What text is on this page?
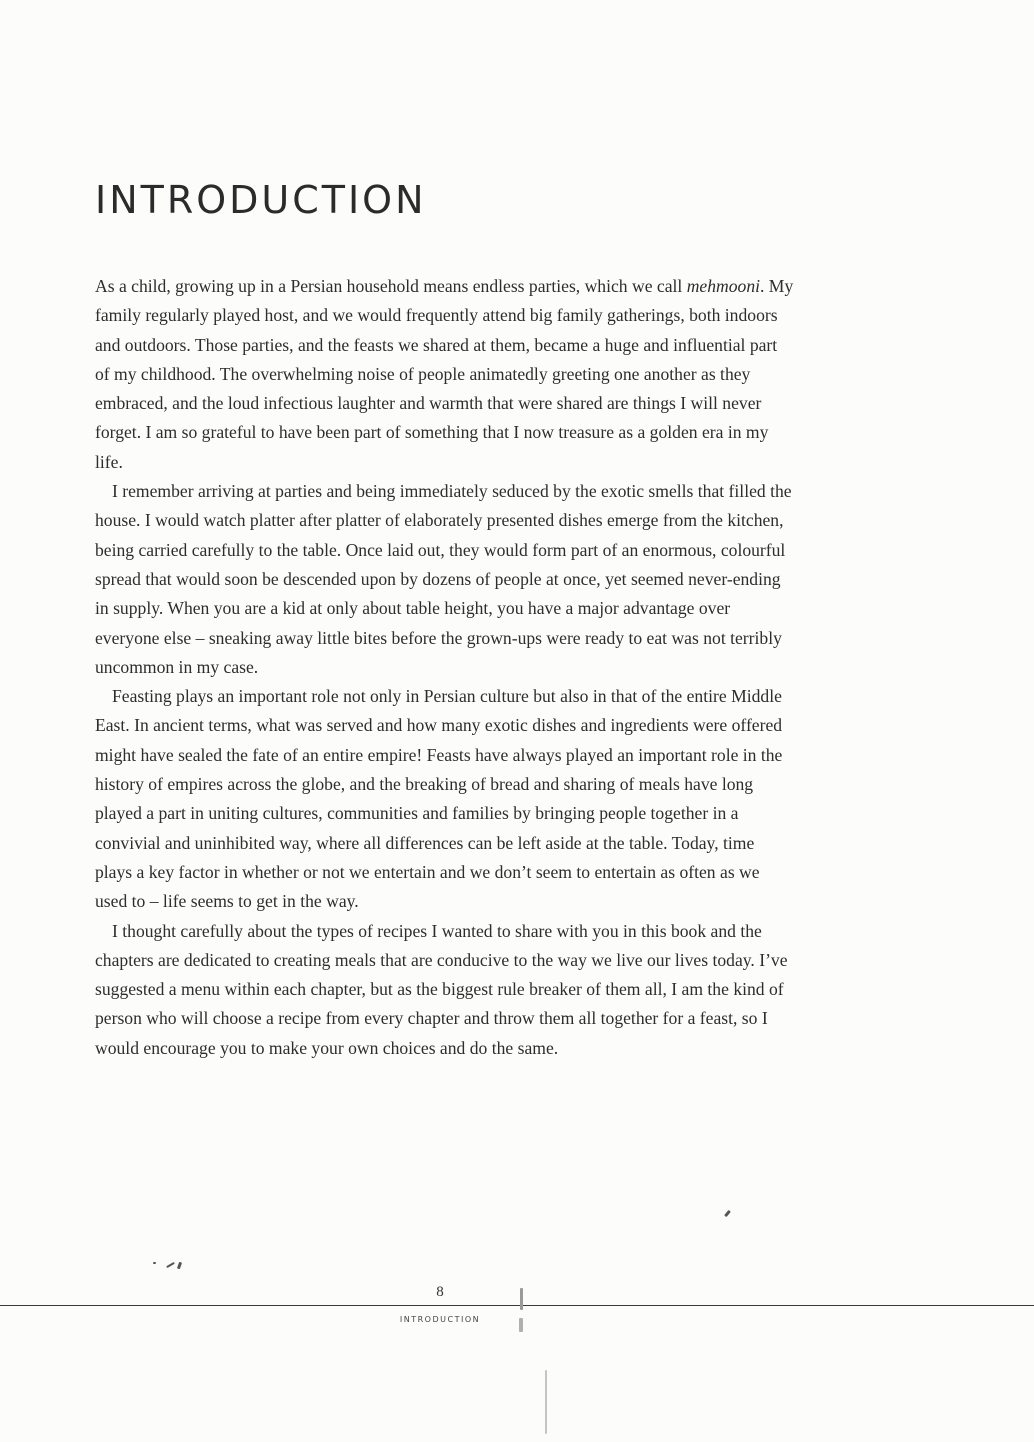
INTRODUCTION

As a child, growing up in a Persian household means endless parties, which we call mehmooni. My family regularly played host, and we would frequently attend big family gatherings, both indoors and outdoors. Those parties, and the feasts we shared at them, became a huge and influential part of my childhood. The overwhelming noise of people animatedly greeting one another as they embraced, and the loud infectious laughter and warmth that were shared are things I will never forget. I am so grateful to have been part of something that I now treasure as a golden era in my life.

I remember arriving at parties and being immediately seduced by the exotic smells that filled the house. I would watch platter after platter of elaborately presented dishes emerge from the kitchen, being carried carefully to the table. Once laid out, they would form part of an enormous, colourful spread that would soon be descended upon by dozens of people at once, yet seemed never-ending in supply. When you are a kid at only about table height, you have a major advantage over everyone else – sneaking away little bites before the grown-ups were ready to eat was not terribly uncommon in my case.

Feasting plays an important role not only in Persian culture but also in that of the entire Middle East. In ancient terms, what was served and how many exotic dishes and ingredients were offered might have sealed the fate of an entire empire! Feasts have always played an important role in the history of empires across the globe, and the breaking of bread and sharing of meals have long played a part in uniting cultures, communities and families by bringing people together in a convivial and uninhibited way, where all differences can be left aside at the table. Today, time plays a key factor in whether or not we entertain and we don’t seem to entertain as often as we used to – life seems to get in the way.

I thought carefully about the types of recipes I wanted to share with you in this book and the chapters are dedicated to creating meals that are conducive to the way we live our lives today. I’ve suggested a menu within each chapter, but as the biggest rule breaker of them all, I am the kind of person who will choose a recipe from every chapter and throw them all together for a feast, so I would encourage you to make your own choices and do the same.

8
INTRODUCTION
